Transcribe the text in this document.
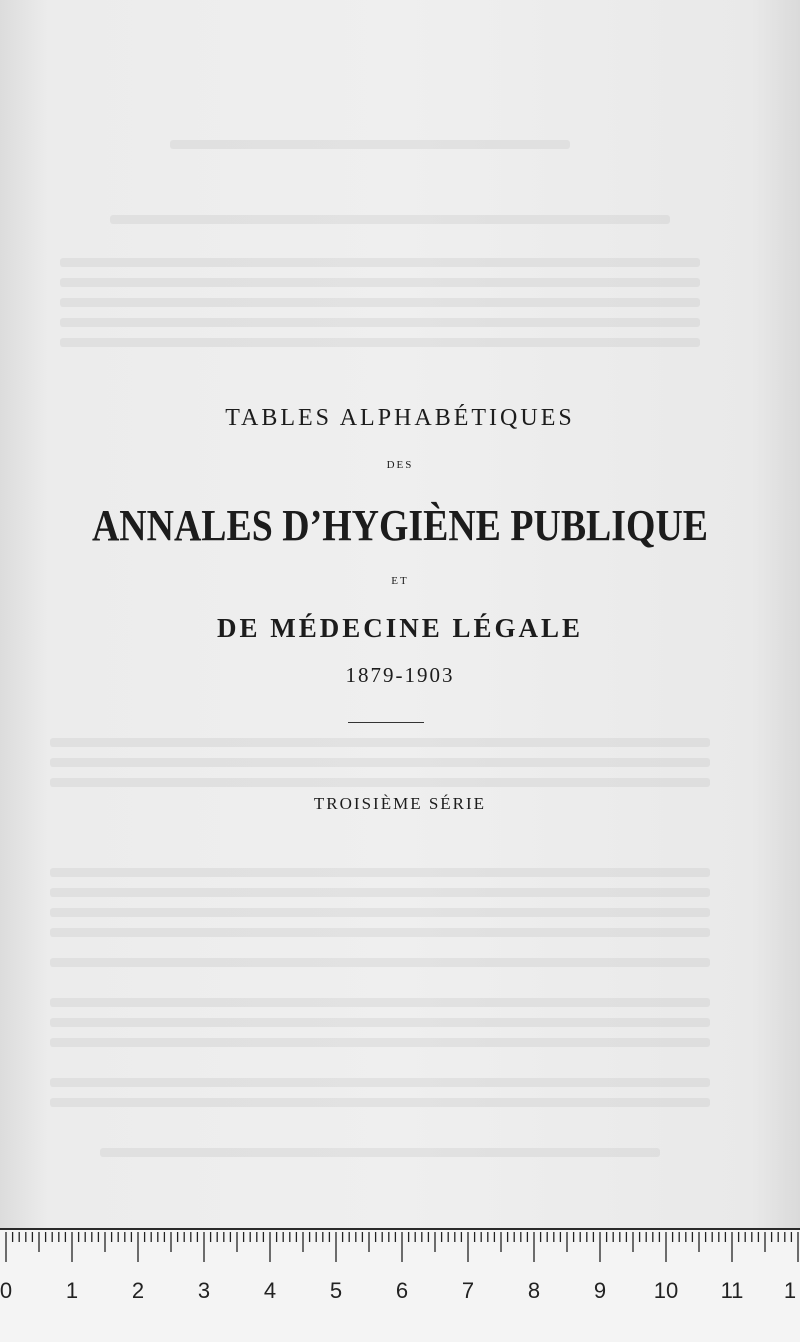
TABLES ALPHABÉTIQUES
DES
ANNALES D’HYGIÈNE PUBLIQUE
ET
DE MÉDECINE LÉGALE
1879-1903
TROISIÈME SÉRIE
0 1 2 3 4 5 6 7 8 9 10 11 1
